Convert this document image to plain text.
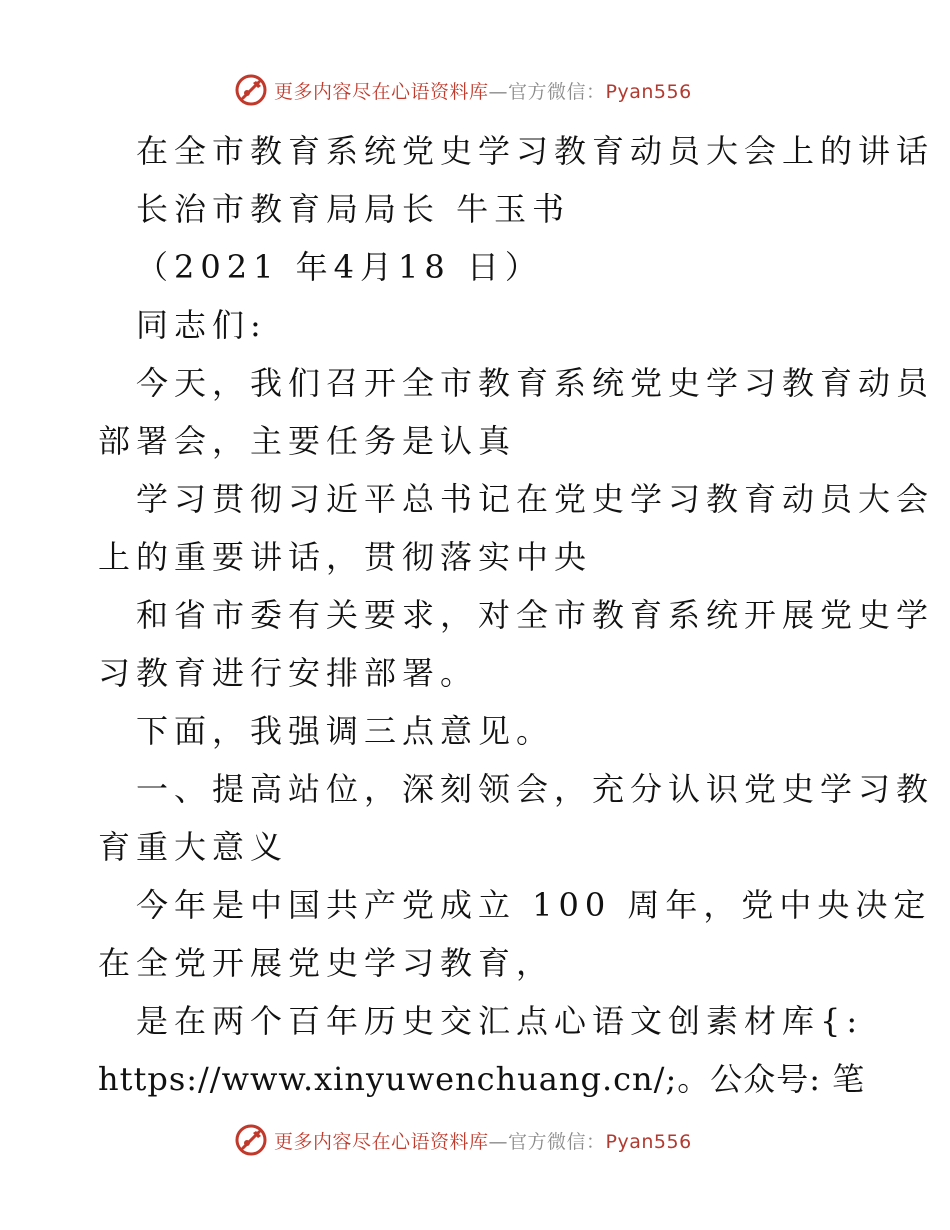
更多内容尽在心语资料库—官方微信：Pyan556
在全市教育系统党史学习教育动员大会上的讲话
长治市教育局局长 牛玉书
（2021 年4月18 日）
同志们:
今天，我们召开全市教育系统党史学习教育动员
部署会，主要任务是认真
学习贯彻习近平总书记在党史学习教育动员大会
上的重要讲话，贯彻落实中央
和省市委有关要求，对全市教育系统开展党史学
习教育进行安排部署。
下面，我强调三点意见。
一、提高站位，深刻领会，充分认识党史学习教
育重大意义
今年是中国共产党成立 100 周年，党中央决定
在全党开展党史学习教育，
是在两个百年历史交汇点心语文创素材库{:
https://www.xinyuwenchuang.cn/;。公众号: 笔
更多内容尽在心语资料库—官方微信：Pyan556
